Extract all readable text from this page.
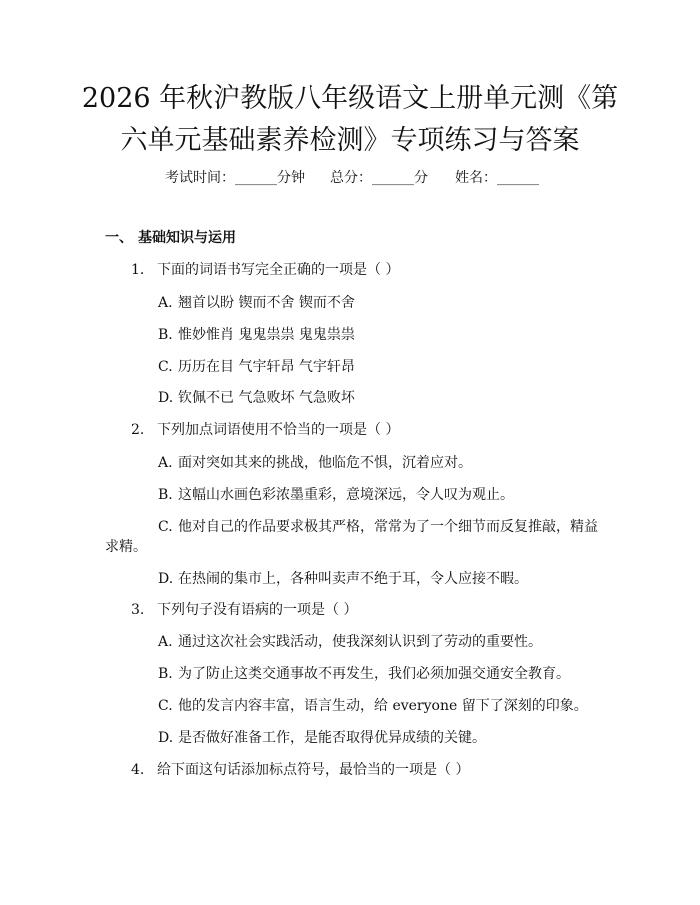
2026 年秋沪教版八年级语文上册单元测《第
六单元基础素养检测》专项练习与答案
考试时间：______分钟 总分：______分 姓名：______
一、 基础知识与运用
1. 下面的词语书写完全正确的一项是（ ）
A. 翘首以盼 锲而不舍 锲而不舍
B. 惟妙惟肖 鬼鬼祟祟 鬼鬼祟祟
C. 历历在目 气宇轩昂 气宇轩昂
D. 钦佩不已 气急败坏 气急败坏
2. 下列加点词语使用不恰当的一项是（ ）
A. 面对突如其来的挑战，他临危不惧，沉着应对。
B. 这幅山水画色彩浓墨重彩，意境深远，令人叹为观止。
C. 他对自己的作品要求极其严格，常常为了一个细节而反复推敲，精益
求精。
D. 在热闹的集市上，各种叫卖声不绝于耳，令人应接不暇。
3. 下列句子没有语病的一项是（ ）
A. 通过这次社会实践活动，使我深刻认识到了劳动的重要性。
B. 为了防止这类交通事故不再发生，我们必须加强交通安全教育。
C. 他的发言内容丰富，语言生动，给 everyone 留下了深刻的印象。
D. 是否做好准备工作，是能否取得优异成绩的关键。
4. 给下面这句话添加标点符号，最恰当的一项是（ ）
